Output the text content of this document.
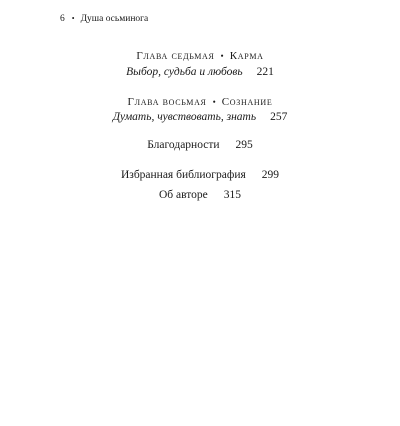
6 • Душа осьминога
Глава седьмая • Карма
Выбор, судьба и любовь 221
Глава восьмая • Сознание
Думать, чувствовать, знать 257
Благодарности 295
Избранная библиография 299
Об авторе 315
